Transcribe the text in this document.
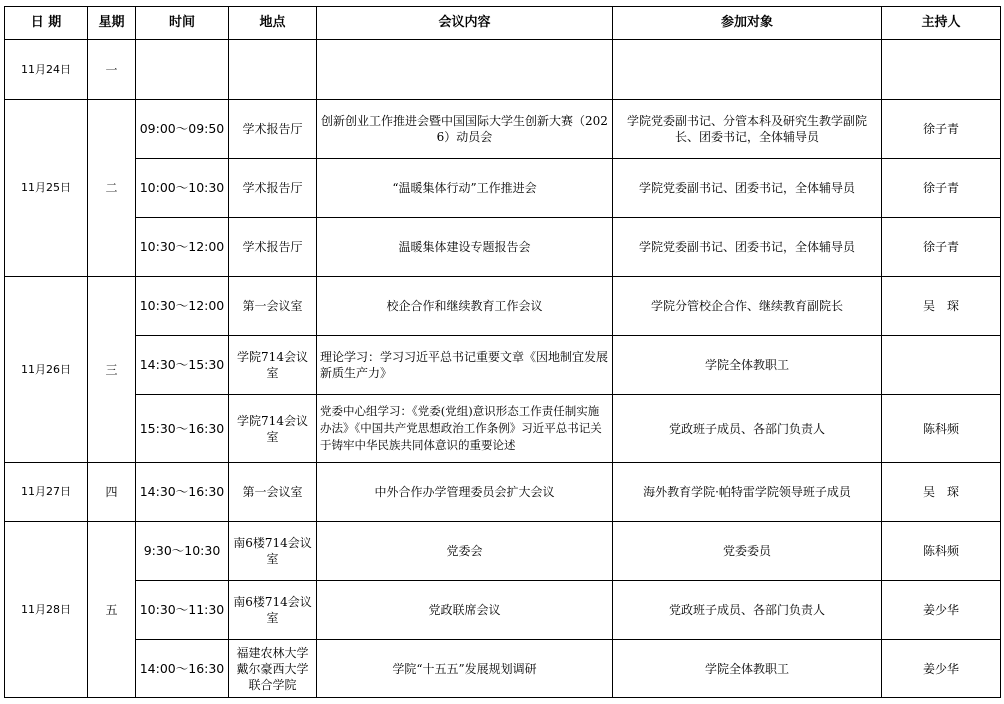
日 期	星期	时间	地点	会议内容	参加对象	主持人
11月24日	一					
11月25日	二	09:00～09:50	学术报告厅	创新创业工作推进会暨中国国际大学生创新大赛（2026）动员会	学院党委副书记、分管本科及研究生教学副院长、团委书记，全体辅导员	徐子青
		10:00～10:30	学术报告厅	“温暖集体行动”工作推进会	学院党委副书记、团委书记，全体辅导员	徐子青
		10:30～12:00	学术报告厅	温暖集体建设专题报告会	学院党委副书记、团委书记，全体辅导员	徐子青
11月26日	三	10:30～12:00	第一会议室	校企合作和继续教育工作会议	学院分管校企合作、继续教育副院长	吴　琛
		14:30～15:30	学院714会议室	理论学习：学习习近平总书记重要文章《因地制宜发展新质生产力》	学院全体教职工	
		15:30～16:30	学院714会议室	党委中心组学习：《党委(党组)意识形态工作责任制实施办法》《中国共产党思想政治工作条例》习近平总书记关于铸牢中华民族共同体意识的重要论述	党政班子成员、各部门负责人	陈科频
11月27日	四	14:30～16:30	第一会议室	中外合作办学管理委员会扩大会议	海外教育学院·帕特雷学院领导班子成员	吴　琛
11月28日	五	9:30～10:30	南6楼714会议室	党委会	党委委员	陈科频
		10:30～11:30	南6楼714会议室	党政联席会议	党政班子成员、各部门负责人	姜少华
		14:00～16:30	福建农林大学戴尔豪西大学联合学院	学院“十五五”发展规划调研	学院全体教职工	姜少华
